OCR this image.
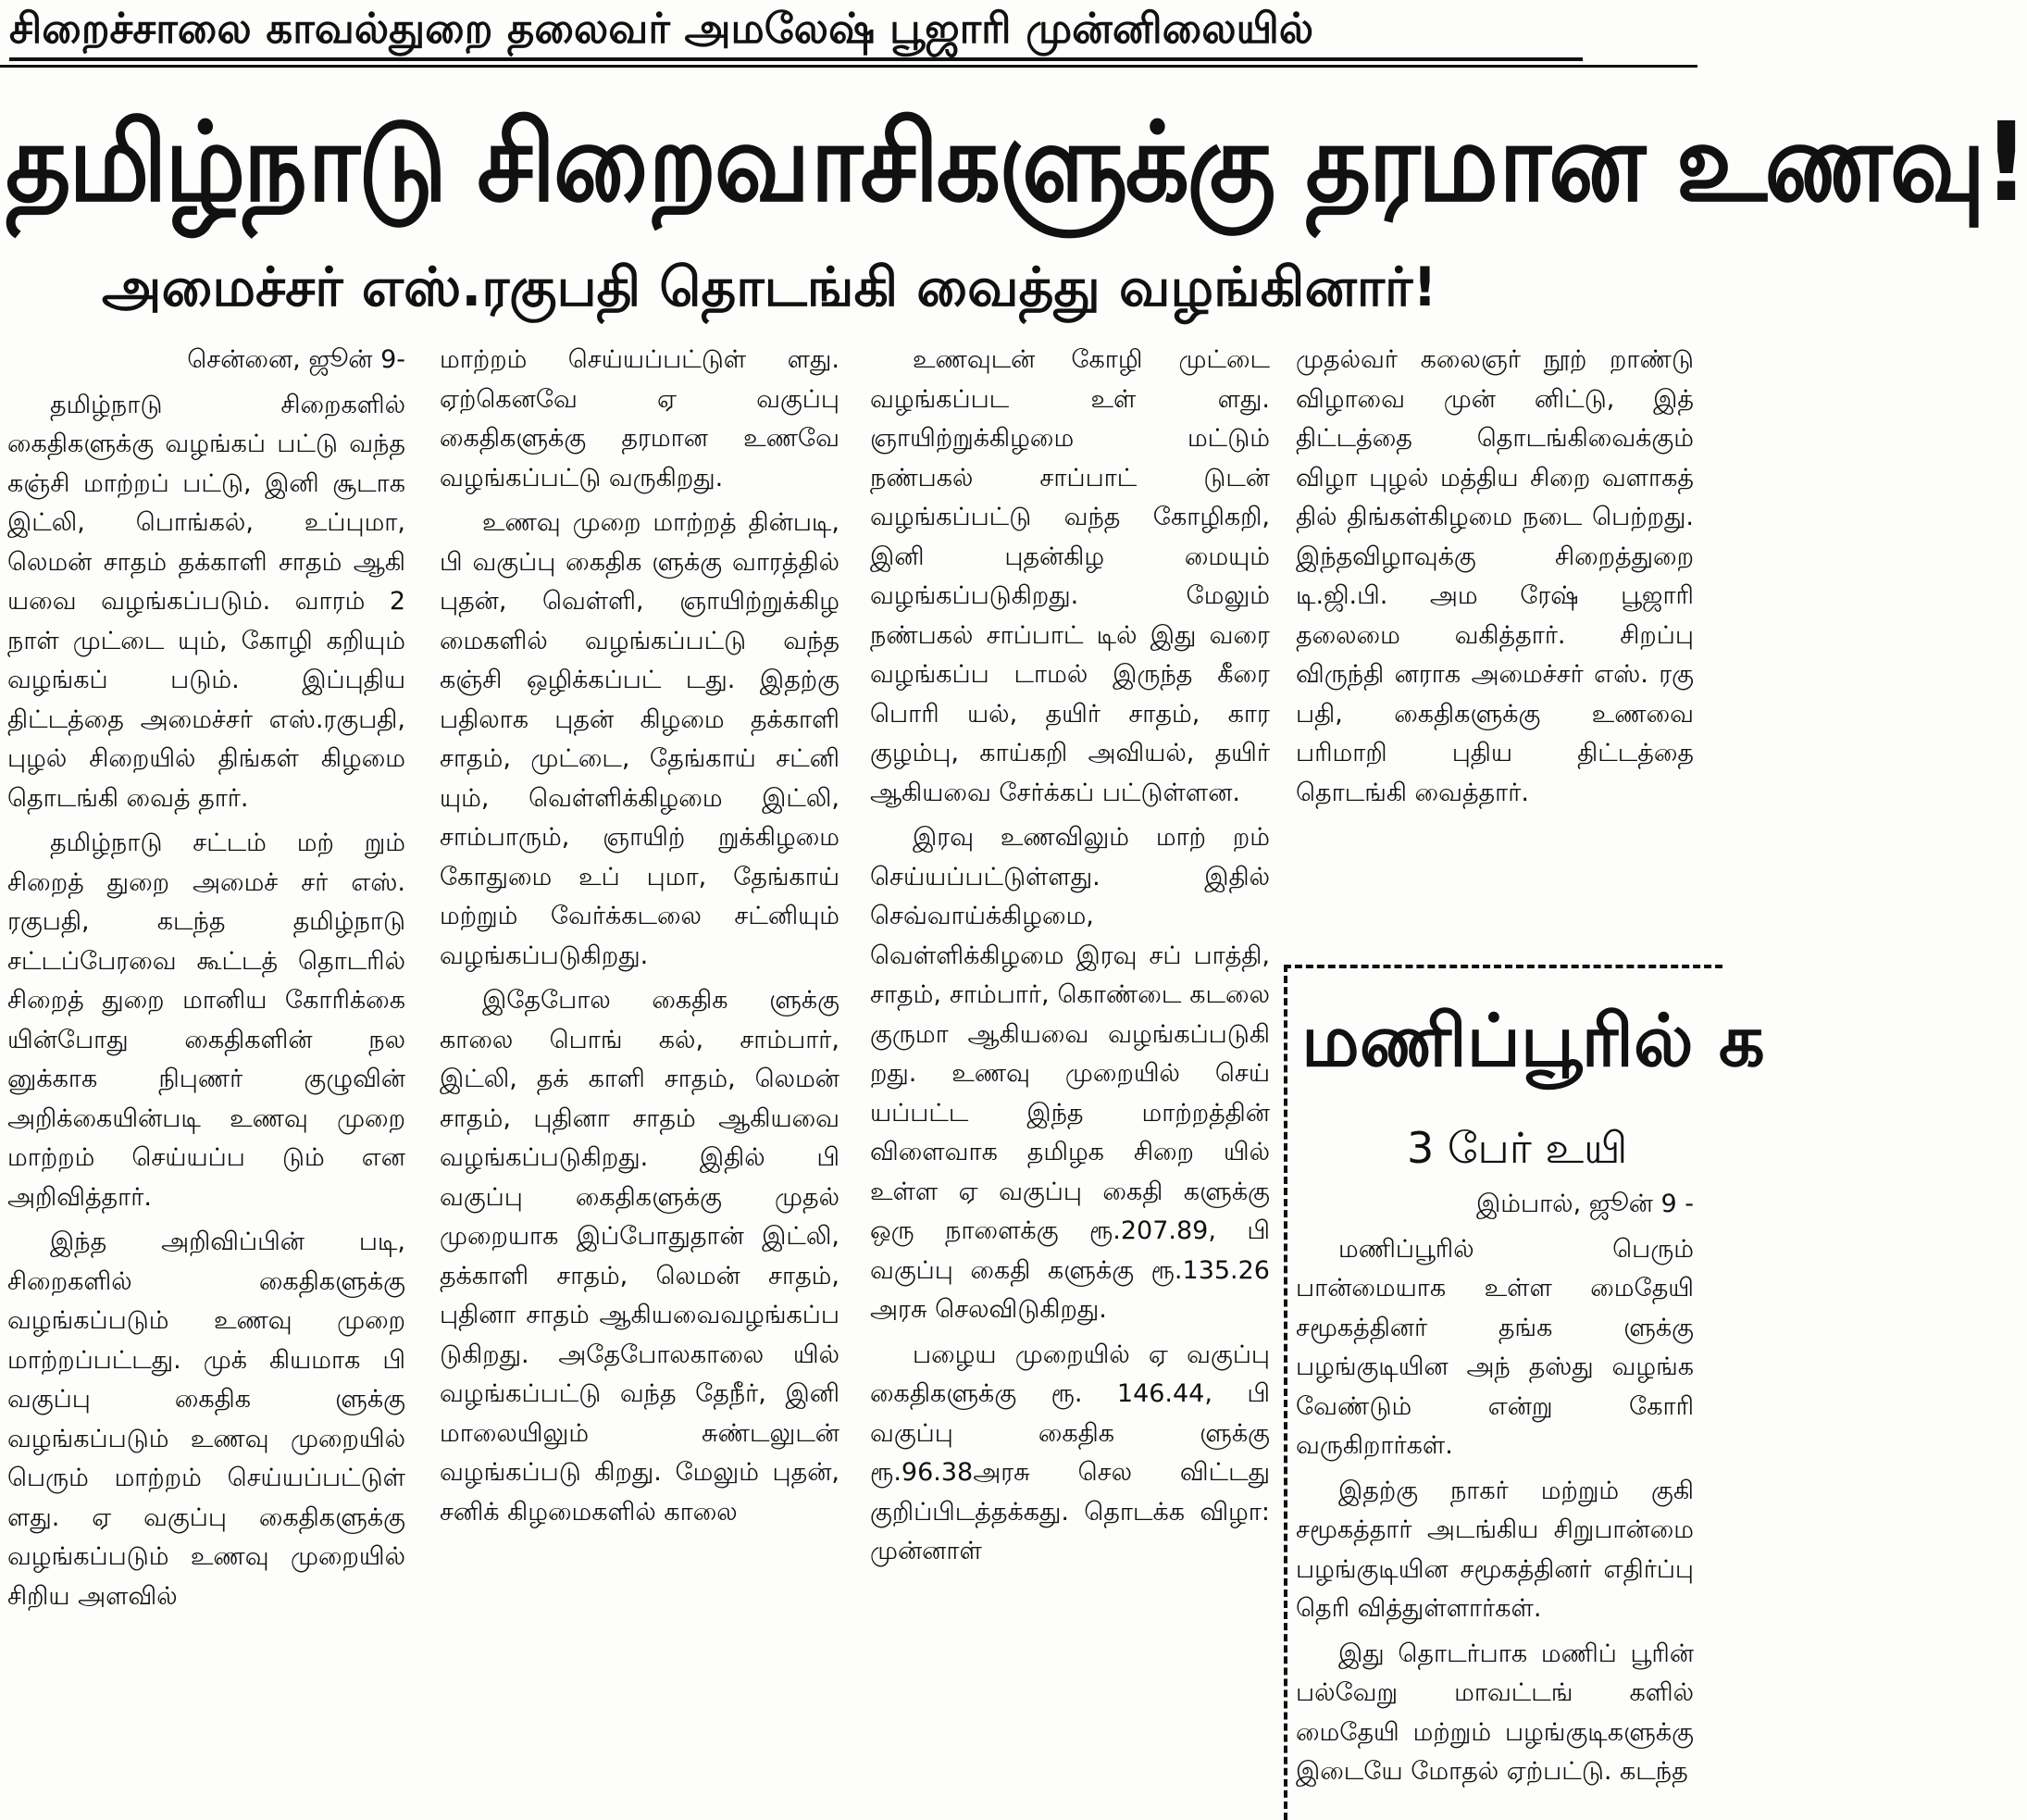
சிறைச்சாலை காவல்துறை தலைவர் அமலேஷ் பூஜாரி முன்னிலையில்
தமிழ்நாடு சிறைவாசிகளுக்கு தரமான உணவு!
அமைச்சர் எஸ்.ரகுபதி தொடங்கி வைத்து வழங்கினார்!

சென்னை, ஜூன் 9-

தமிழ்நாடு சிறைகளில் கைதிகளுக்கு வழங்கப் பட்டு வந்த கஞ்சி மாற்றப் பட்டு, இனி சூடாக இட்லி, பொங்கல், உப்புமா, லெமன் சாதம் தக்காளி சாதம் ஆகி யவை வழங்கப்படும். வாரம் 2 நாள் முட்டை யும், கோழி கறியும் வழங்கப் படும். இப்புதிய திட்டத்தை அமைச்சர் எஸ்.ரகுபதி, புழல் சிறையில் திங்கள் கிழமை தொடங்கி வைத் தார்.

தமிழ்நாடு சட்டம் மற் றும் சிறைத் துறை அமைச் சர் எஸ். ரகுபதி, கடந்த தமிழ்நாடு சட்டப்பேரவை கூட்டத் தொடரில் சிறைத் துறை மானிய கோரிக்கை யின்போது கைதிகளின் நல னுக்காக நிபுணர் குழுவின் அறிக்கையின்படி உணவு முறை மாற்றம் செய்யப்ப டும் என அறிவித்தார்.

இந்த அறிவிப்பின் படி, சிறைகளில் கைதிகளுக்கு வழங்கப்படும் உணவு முறை மாற்றப்பட்டது. முக் கியமாக பி வகுப்பு கைதிக ளுக்கு வழங்கப்படும் உணவு முறையில் பெரும் மாற்றம் செய்யப்பட்டுள் ளது. ஏ வகுப்பு கைதிகளுக்கு வழங்கப்படும் உணவு முறையில் சிறிய அளவில்

மாற்றம் செய்யப்பட்டுள் ளது. ஏற்கெனவே ஏ வகுப்பு கைதிகளுக்கு தரமான உணவே வழங்கப்பட்டு வருகிறது.

உணவு முறை மாற்றத் தின்படி, பி வகுப்பு கைதிக ளுக்கு வாரத்தில் புதன், வெள்ளி, ஞாயிற்றுக்கிழ மைகளில் வழங்கப்பட்டு வந்த கஞ்சி ஒழிக்கப்பட் டது. இதற்கு பதிலாக புதன் கிழமை தக்காளி சாதம், முட்டை, தேங்காய் சட்னி யும், வெள்ளிக்கிழமை இட்லி, சாம்பாரும், ஞாயிற் றுக்கிழமை கோதுமை உப் புமா, தேங்காய் மற்றும் வேர்க்கடலை சட்னியும் வழங்கப்படுகிறது.

இதேபோல கைதிக ளுக்கு காலை பொங் கல், சாம்பார், இட்லி, தக் காளி சாதம், லெமன் சாதம், புதினா சாதம் ஆகியவை வழங்கப்படுகிறது. இதில் பி வகுப்பு கைதிகளுக்கு முதல் முறையாக இப்போதுதான் இட்லி, தக்காளி சாதம், லெமன் சாதம், புதினா சாதம் ஆகியவைவழங்கப்ப டுகிறது. அதேபோலகாலை யில் வழங்கப்பட்டு வந்த தேநீர், இனி மாலையிலும் சுண்டலுடன் வழங்கப்படு கிறது. மேலும் புதன், சனிக் கிழமைகளில் காலை

உணவுடன் கோழி முட்டை வழங்கப்பட உள் ளது. ஞாயிற்றுக்கிழமை மட்டும் நண்பகல் சாப்பாட் டுடன் வழங்கப்பட்டு வந்த கோழிகறி, இனி புதன்கிழ மையும் வழங்கப்படுகிறது. மேலும் நண்பகல் சாப்பாட் டில் இது வரை வழங்கப்ப டாமல் இருந்த கீரை பொரி யல், தயிர் சாதம், கார குழம்பு, காய்கறி அவியல், தயிர் ஆகியவை சேர்க்கப் பட்டுள்ளன.

இரவு உணவிலும் மாற் றம் செய்யப்பட்டுள்ளது. இதில் செவ்வாய்க்கிழமை, வெள்ளிக்கிழமை இரவு சப் பாத்தி, சாதம், சாம்பார், கொண்டை கடலை குருமா ஆகியவை வழங்கப்படுகி றது. உணவு முறையில் செய் யப்பட்ட இந்த மாற்றத்தின் விளைவாக தமிழக சிறை யில் உள்ள ஏ வகுப்பு கைதி களுக்கு ஒரு நாளைக்கு ரூ.207.89, பி வகுப்பு கைதி களுக்கு ரூ.135.26 அரசு செலவிடுகிறது.

பழைய முறையில் ஏ வகுப்பு கைதிகளுக்கு ரூ. 146.44, பி வகுப்பு கைதிக ளுக்கு ரூ.96.38அரசு செல விட்டது குறிப்பிடத்தக்கது. தொடக்க விழா: முன்னாள்

முதல்வர் கலைஞர் நூற் றாண்டு விழாவை முன் னிட்டு, இத் திட்டத்தை தொடங்கிவைக்கும் விழா புழல் மத்திய சிறை வளாகத் தில் திங்கள்கிழமை நடை பெற்றது. இந்தவிழாவுக்கு சிறைத்துறை டி.ஜி.பி. அம ரேஷ் பூஜாரி தலைமை வகித்தார். சிறப்பு விருந்தி னராக அமைச்சர் எஸ். ரகு பதி, கைதிகளுக்கு உணவை பரிமாறி புதிய திட்டத்தை தொடங்கி வைத்தார்.

மணிப்பூரில் க
3 பேர் உயி

இம்பால், ஜூன் 9 -

மணிப்பூரில் பெரும் பான்மையாக உள்ள மைதேயி சமூகத்தினர் தங்க ளுக்கு பழங்குடியின அந் தஸ்து வழங்க வேண்டும் என்று கோரி வருகிறார்கள்.

இதற்கு நாகர் மற்றும் குகி சமூகத்தார் அடங்கிய சிறுபான்மை பழங்குடியின சமூகத்தினர் எதிர்ப்பு தெரி வித்துள்ளார்கள்.

இது தொடர்பாக மணிப் பூரின் பல்வேறு மாவட்டங் களில் மைதேயி மற்றும் பழங்குடிகளுக்கு இடையே மோதல் ஏற்பட்டு. கடந்த
